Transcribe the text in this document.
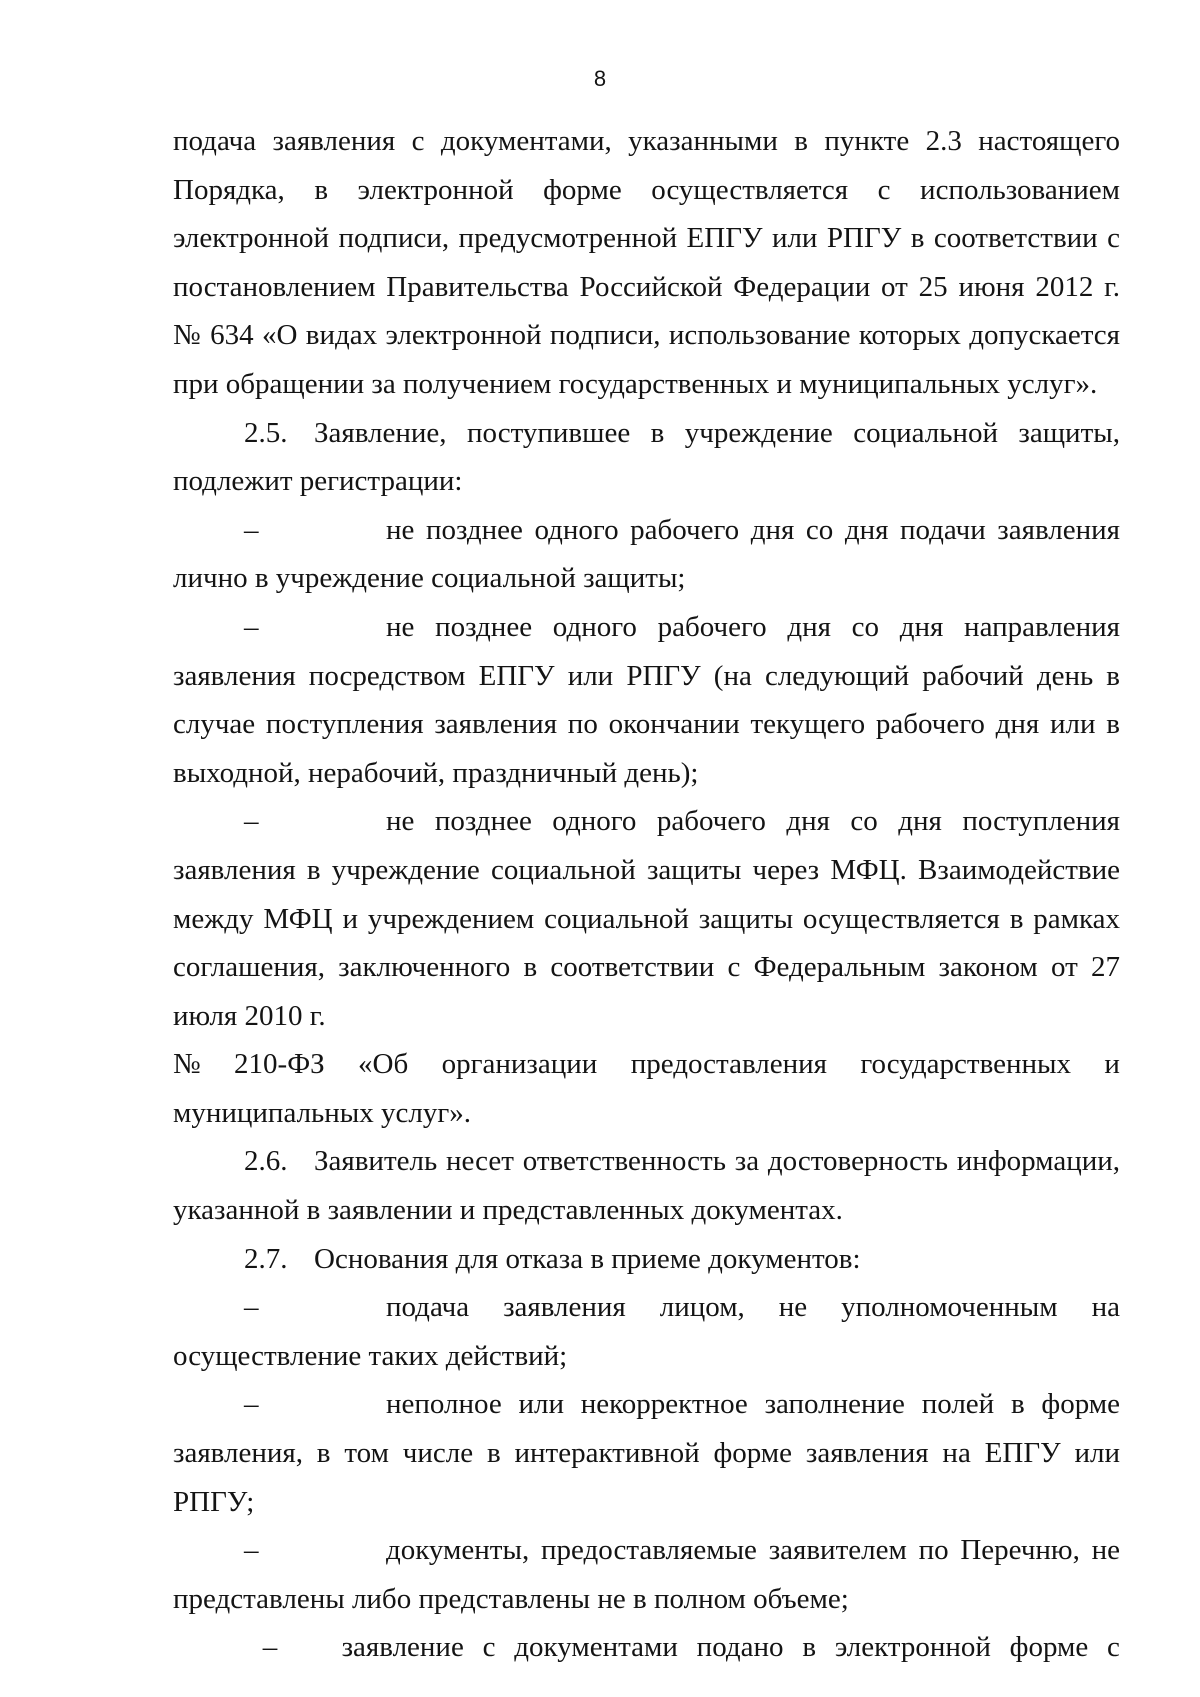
8

подача заявления с документами, указанными в пункте 2.3 настоящего Порядка, в электронной форме осуществляется с использованием электронной подписи, предусмотренной ЕПГУ или РПГУ в соответствии с постановлением Правительства Российской Федерации от 25 июня 2012 г. № 634 «О видах электронной подписи, использование которых допускается при обращении за получением государственных и муниципальных услуг».

2.5. Заявление, поступившее в учреждение социальной защиты, подлежит регистрации:

–	не позднее одного рабочего дня со дня подачи заявления лично в учреждение социальной защиты;

–	не позднее одного рабочего дня со дня направления заявления посредством ЕПГУ или РПГУ (на следующий рабочий день в случае поступления заявления по окончании текущего рабочего дня или в выходной, нерабочий, праздничный день);

–	не позднее одного рабочего дня со дня поступления заявления в учреждение социальной защиты через МФЦ. Взаимодействие между МФЦ и учреждением социальной защиты осуществляется в рамках соглашения, заключенного в соответствии с Федеральным законом от 27 июля 2010 г.

№ 210-ФЗ «Об организации предоставления государственных и

муниципальных услуг».

2.6. Заявитель несет ответственность за достоверность информации, указанной в заявлении и представленных документах.

2.7. Основания для отказа в приеме документов:

–	подача заявления лицом, не уполномоченным на осуществление таких действий;

–	неполное или некорректное заполнение полей в форме заявления, в том числе в интерактивной форме заявления на ЕПГУ или РПГУ;

–	документы, предоставляемые заявителем по Перечню, не представлены либо представлены не в полном объеме;

–	заявление с документами подано в электронной форме с
